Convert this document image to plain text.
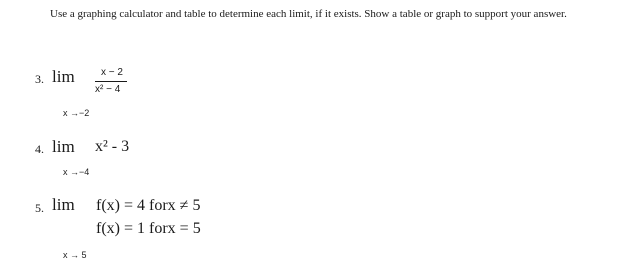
Use a graphing calculator and table to determine each limit, if it exists. Show a table or graph to support your answer.
3. lim	x − 2
x² − 4
x →−2
4. lim x² - 3
x →−4
5. lim f(x) = 4 forx ≠ 5
f(x) = 1 forx = 5
x → 5
